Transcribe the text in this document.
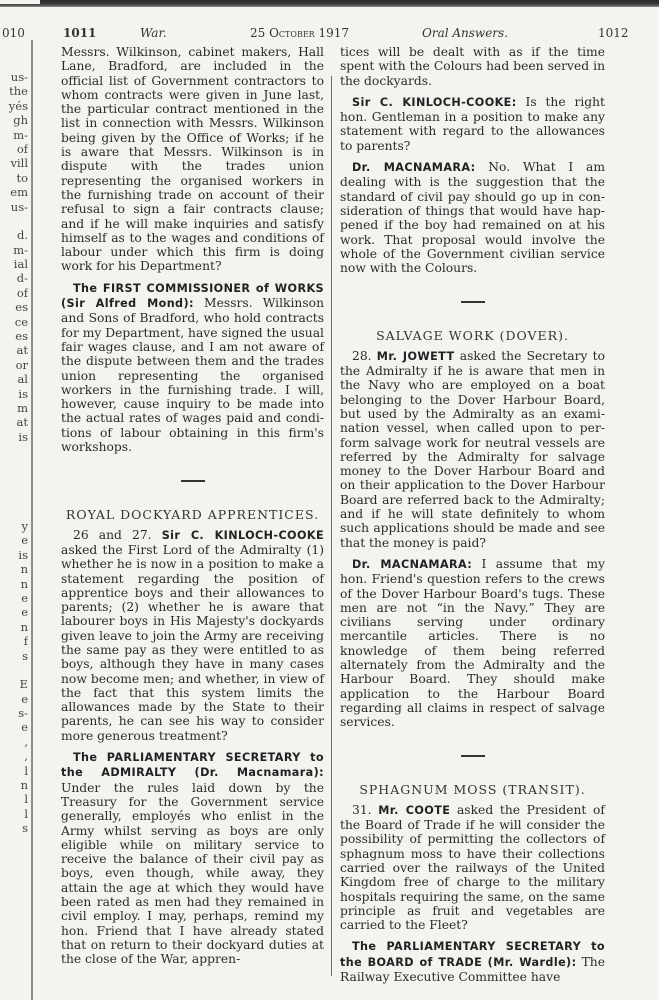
010	1011	War.	25 October 1917	Oral Answers.	1012
us-
the
yés
gh
m-
of
vill
to
em
us-
d.
m-
ial
d-
of
es
ce
es
at
or
al
is
m
at
is
y
e
is
n
n
e
e
n
f
s
E
e
s-
e
,
,
l
n
l
l
s

Messrs. Wilkinson, cabinet makers, Hall Lane, Bradford, are included in the official list of Government contractors to whom contracts were given in June last, the particular contract mentioned in the list in connection with Messrs. Wilkinson being given by the Office of Works; if he is aware that Messrs. Wilkinson is in dispute with the trades union representing the organised workers in the furnishing trade on account of their refusal to sign a fair contracts clause; and if he will make inquiries and satisfy himself as to the wages and conditions of labour under which this firm is doing work for his Department?

The FIRST COMMISSIONER of WORKS (Sir Alfred Mond): Messrs. Wilkinson and Sons of Bradford, who hold contracts for my Department, have signed the usual fair wages clause, and I am not aware of the dispute between them and the trades union representing the organised workers in the furnishing trade. I will, however, cause inquiry to be made into the actual rates of wages paid and conditions of labour obtaining in this firm's workshops.

ROYAL DOCKYARD APPRENTICES.

26 and 27. Sir C. KINLOCH-COOKE asked the First Lord of the Admiralty (1) whether he is now in a position to make a statement regarding the position of apprentice boys and their allowances to parents; (2) whether he is aware that labourer boys in His Majesty's dockyards given leave to join the Army are receiving the same pay as they were entitled to as boys, although they have in many cases now become men; and whether, in view of the fact that this system limits the allowances made by the State to their parents, he can see his way to consider more generous treatment?

The PARLIAMENTARY SECRETARY to the ADMIRALTY (Dr. Macnamara): Under the rules laid down by the Treasury for the Government service generally, employés who enlist in the Army whilst serving as boys are only eligible while on military service to receive the balance of their civil pay as boys, even though, while away, they attain the age at which they would have been rated as men had they remained in civil employ. I may, perhaps, remind my hon. Friend that I have already stated that on return to their dockyard duties at the close of the War, appren-

tices will be dealt with as if the time spent with the Colours had been served in the dockyards.

Sir C. KINLOCH-COOKE: Is the right hon. Gentleman in a position to make any statement with regard to the allowances to parents?

Dr. MACNAMARA: No. What I am dealing with is the suggestion that the standard of civil pay should go up in consideration of things that would have happened if the boy had remained on at his work. That proposal would involve the whole of the Government civilian service now with the Colours.

SALVAGE WORK (DOVER).

28. Mr. JOWETT asked the Secretary to the Admiralty if he is aware that men in the Navy who are employed on a boat belonging to the Dover Harbour Board, but used by the Admiralty as an examination vessel, when called upon to perform salvage work for neutral vessels are referred by the Admiralty for salvage money to the Dover Harbour Board and on their application to the Dover Harbour Board are referred back to the Admiralty; and if he will state definitely to whom such applications should be made and see that the money is paid?

Dr. MACNAMARA: I assume that my hon. Friend's question refers to the crews of the Dover Harbour Board's tugs. These men are not “in the Navy.” They are civilians serving under ordinary mercantile articles. There is no knowledge of them being referred alternately from the Admiralty and the Harbour Board. They should make application to the Harbour Board regarding all claims in respect of salvage services.

SPHAGNUM MOSS (TRANSIT).

31. Mr. COOTE asked the President of the Board of Trade if he will consider the possibility of permitting the collectors of sphagnum moss to have their collections carried over the railways of the United Kingdom free of charge to the military hospitals requiring the same, on the same principle as fruit and vegetables are carried to the Fleet?

The PARLIAMENTARY SECRETARY to the BOARD of TRADE (Mr. Wardle): The Railway Executive Committee have
